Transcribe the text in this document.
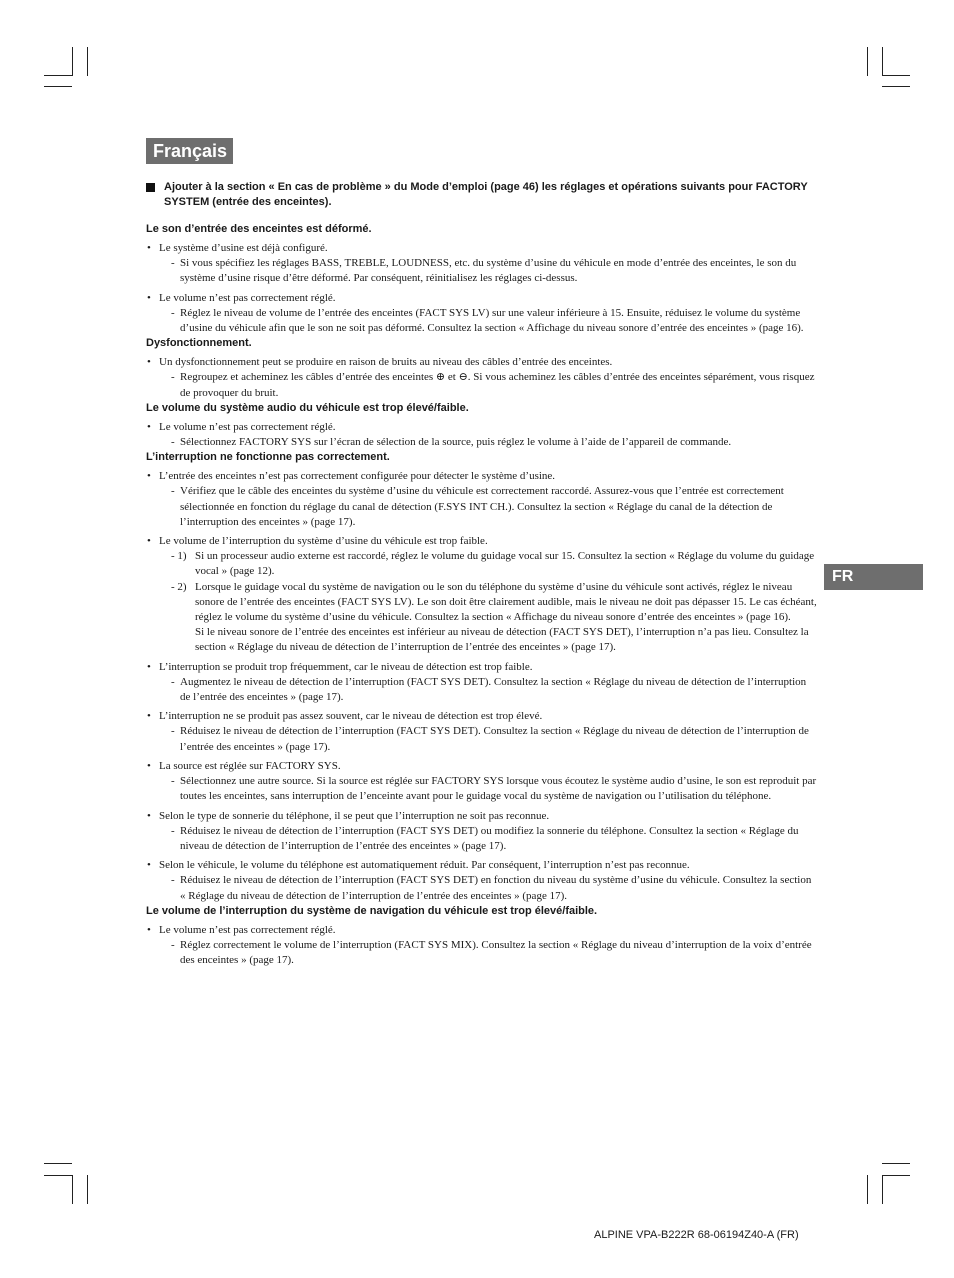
Français
FR
Ajouter à la section « En cas de problème » du Mode d’emploi (page 46) les réglages et opérations suivants pour FACTORY SYSTEM (entrée des enceintes).
Le son d’entrée des enceintes est déformé.
• Le système d’usine est déjà configuré.
- Si vous spécifiez les réglages BASS, TREBLE, LOUDNESS, etc. du système d’usine du véhicule en mode d’entrée des enceintes, le son du système d’usine risque d’être déformé. Par conséquent, réinitialisez les réglages ci-dessus.
• Le volume n’est pas correctement réglé.
- Réglez le niveau de volume de l’entrée des enceintes (FACT SYS LV) sur une valeur inférieure à 15. Ensuite, réduisez le volume du système d’usine du véhicule afin que le son ne soit pas déformé. Consultez la section « Affichage du niveau sonore d’entrée des enceintes » (page 16).
Dysfonctionnement.
• Un dysfonctionnement peut se produire en raison de bruits au niveau des câbles d’entrée des enceintes.
- Regroupez et acheminez les câbles d’entrée des enceintes ⊕ et ⊖. Si vous acheminez les câbles d’entrée des enceintes séparément, vous risquez de provoquer du bruit.
Le volume du système audio du véhicule est trop élevé/faible.
• Le volume n’est pas correctement réglé.
- Sélectionnez FACTORY SYS sur l’écran de sélection de la source, puis réglez le volume à l’aide de l’appareil de commande.
L’interruption ne fonctionne pas correctement.
• L’entrée des enceintes n’est pas correctement configurée pour détecter le système d’usine.
- Vérifiez que le câble des enceintes du système d’usine du véhicule est correctement raccordé. Assurez-vous que l’entrée est correctement sélectionnée en fonction du réglage du canal de détection (F.SYS INT CH.). Consultez la section « Réglage du canal de la détection de l’interruption des enceintes » (page 17).
• Le volume de l’interruption du système d’usine du véhicule est trop faible.
- 1) Si un processeur audio externe est raccordé, réglez le volume du guidage vocal sur 15. Consultez la section « Réglage du volume du guidage vocal » (page 12).
- 2) Lorsque le guidage vocal du système de navigation ou le son du téléphone du système d’usine du véhicule sont activés, réglez le niveau sonore de l’entrée des enceintes (FACT SYS LV). Le son doit être clairement audible, mais le niveau ne doit pas dépasser 15. Le cas échéant, réglez le volume du système d’usine du véhicule. Consultez la section « Affichage du niveau sonore d’entrée des enceintes » (page 16).
Si le niveau sonore de l’entrée des enceintes est inférieur au niveau de détection (FACT SYS DET), l’interruption n’a pas lieu. Consultez la section « Réglage du niveau de détection de l’interruption de l’entrée des enceintes » (page 17).
• L’interruption se produit trop fréquemment, car le niveau de détection est trop faible.
- Augmentez le niveau de détection de l’interruption (FACT SYS DET). Consultez la section « Réglage du niveau de détection de l’interruption de l’entrée des enceintes » (page 17).
• L’interruption ne se produit pas assez souvent, car le niveau de détection est trop élevé.
- Réduisez le niveau de détection de l’interruption (FACT SYS DET). Consultez la section « Réglage du niveau de détection de l’interruption de l’entrée des enceintes » (page 17).
• La source est réglée sur FACTORY SYS.
- Sélectionnez une autre source. Si la source est réglée sur FACTORY SYS lorsque vous écoutez le système audio d’usine, le son est reproduit par toutes les enceintes, sans interruption de l’enceinte avant pour le guidage vocal du système de navigation ou l’utilisation du téléphone.
• Selon le type de sonnerie du téléphone, il se peut que l’interruption ne soit pas reconnue.
- Réduisez le niveau de détection de l’interruption (FACT SYS DET) ou modifiez la sonnerie du téléphone. Consultez la section « Réglage du niveau de détection de l’interruption de l’entrée des enceintes » (page 17).
• Selon le véhicule, le volume du téléphone est automatiquement réduit. Par conséquent, l’interruption n’est pas reconnue.
- Réduisez le niveau de détection de l’interruption (FACT SYS DET) en fonction du niveau du système d’usine du véhicule. Consultez la section « Réglage du niveau de détection de l’interruption de l’entrée des enceintes » (page 17).
Le volume de l’interruption du système de navigation du véhicule est trop élevé/faible.
• Le volume n’est pas correctement réglé.
- Réglez correctement le volume de l’interruption (FACT SYS MIX). Consultez la section « Réglage du niveau d’interruption de la voix d’entrée des enceintes » (page 17).
ALPINE VPA-B222R 68-06194Z40-A (FR)
